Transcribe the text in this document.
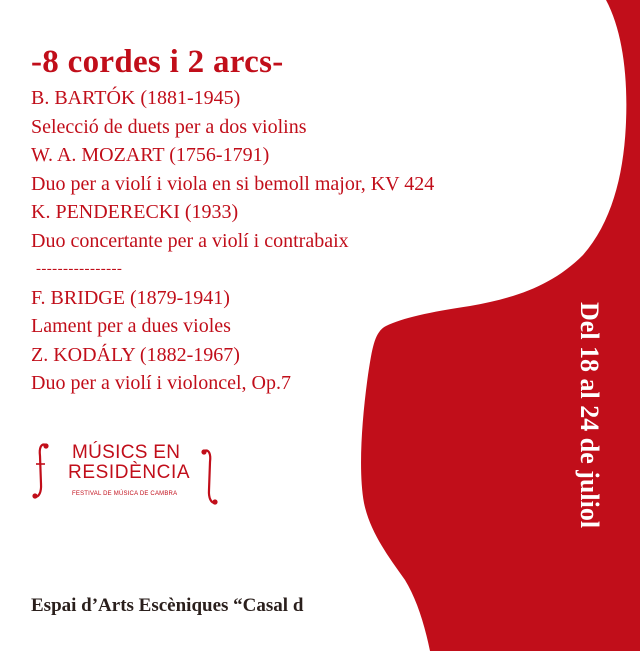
-8 cordes i 2 arcs-
B. BARTÓK (1881-1945)
Selecció de duets per a dos violins
W. A. MOZART (1756-1791)
Duo per a violí i viola en si bemoll major, KV 424
K. PENDERECKI (1933)
Duo concertante per a violí i contrabaix
----------------
F. BRIDGE (1879-1941)
Lament per a dues violes
Z. KODÁLY (1882-1967)
Duo per a violí i violoncel, Op.7
MÚSICS EN
RESIDÈNCIA
FESTIVAL DE MÚSICA DE CAMBRA	Del 18 al 24 de juliol
Espai d’Arts Escèniques “Casal d’Alella”
